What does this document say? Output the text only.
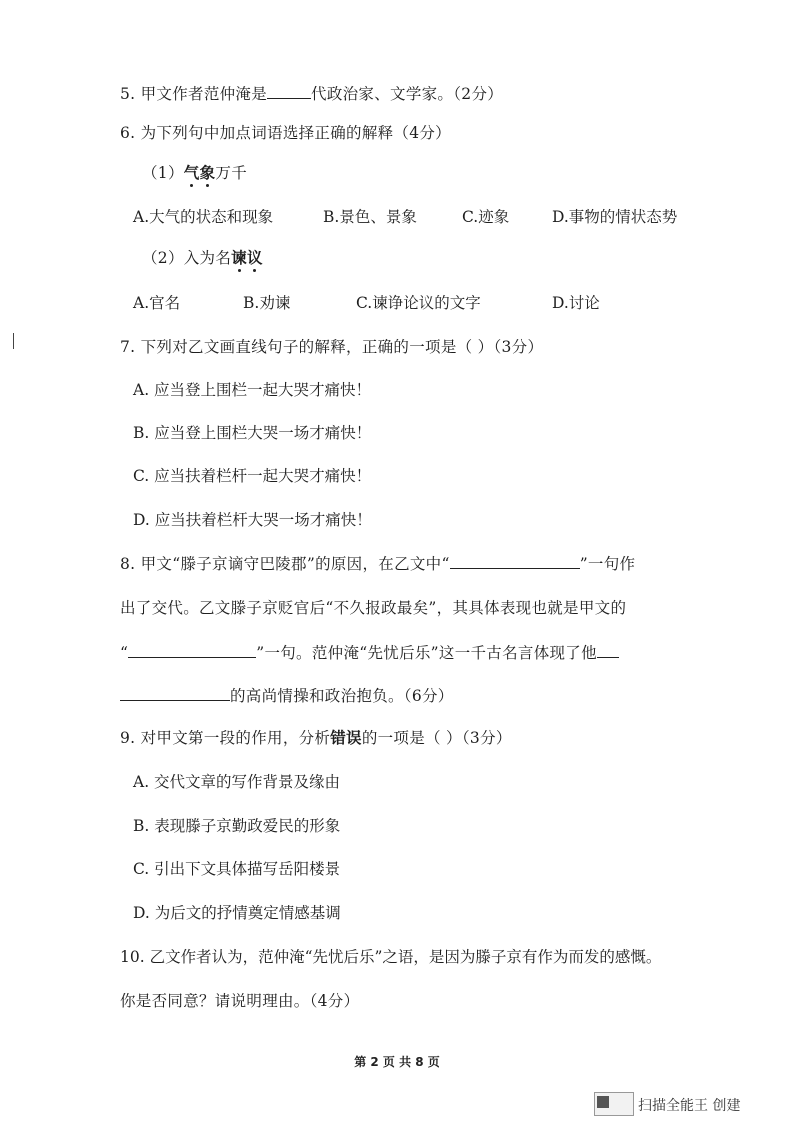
5. 甲文作者范仲淹是	代政治家、文学家。（2分）
6. 为下列句中加点词语选择正确的解释（4分）
（1）气象万千
A.大气的状态和现象	B.景色、景象	C.迹象	D.事物的情状态势
（2）入为名谏议
A.官名	B.劝谏	C.谏诤论议的文字	D.讨论
7. 下列对乙文画直线句子的解释，正确的一项是（ ）（3分）
A. 应当登上围栏一起大哭才痛快！
B. 应当登上围栏大哭一场才痛快！
C. 应当扶着栏杆一起大哭才痛快！
D. 应当扶着栏杆大哭一场才痛快！
8. 甲文“滕子京谪守巴陵郡”的原因，在乙文中“	”一句作
出了交代。乙文滕子京贬官后“不久报政最矣”，其具体表现也就是甲文的
“	”一句。范仲淹“先忧后乐”这一千古名言体现了他
的高尚情操和政治抱负。（6分）
9. 对甲文第一段的作用，分析错误的一项是（ ）（3分）
A. 交代文章的写作背景及缘由
B. 表现滕子京勤政爱民的形象
C. 引出下文具体描写岳阳楼景
D. 为后文的抒情奠定情感基调
10. 乙文作者认为，范仲淹“先忧后乐”之语，是因为滕子京有作为而发的感慨。
你是否同意？请说明理由。（4分）
第 2 页 共 8 页
扫描全能王 创建
